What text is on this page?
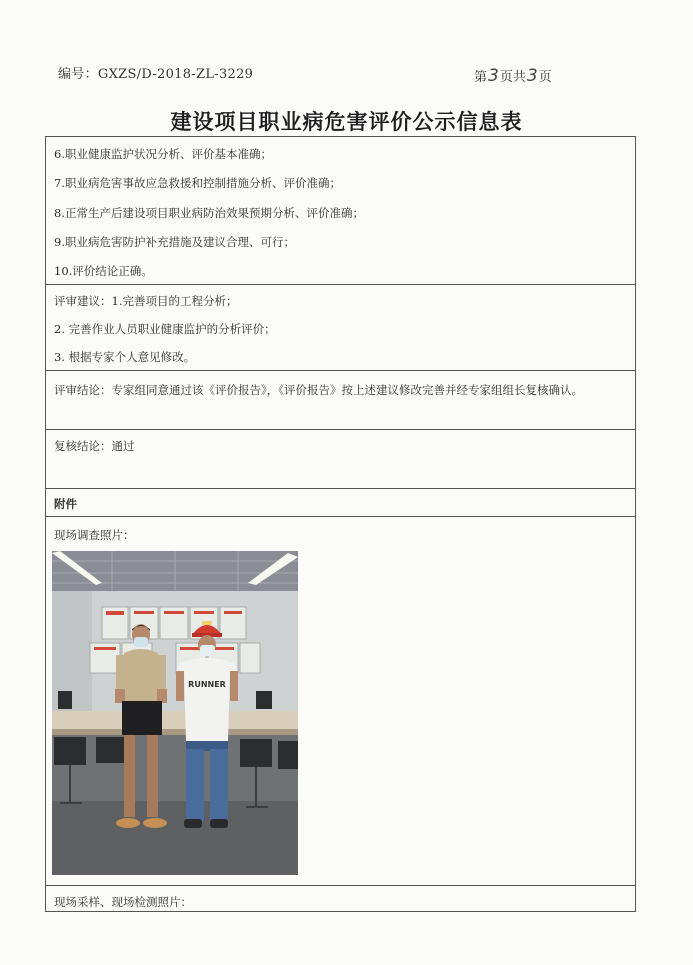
编号：GXZS/D-2018-ZL-3229	第3页共3页
建设项目职业病危害评价公示信息表
6.职业健康监护状况分析、评价基本准确；
7.职业病危害事故应急救援和控制措施分析、评价准确；
8.正常生产后建设项目职业病防治效果预期分析、评价准确；
9.职业病危害防护补充措施及建议合理、可行；
10.评价结论正确。
评审建议：1.完善项目的工程分析；
2. 完善作业人员职业健康监护的分析评价；
3. 根据专家个人意见修改。
评审结论：专家组同意通过该《评价报告》，《评价报告》按上述建议修改完善并经专家组组长复核确认。
复核结论：通过
附件
现场调查照片：
RUNNER
现场采样、现场检测照片：
